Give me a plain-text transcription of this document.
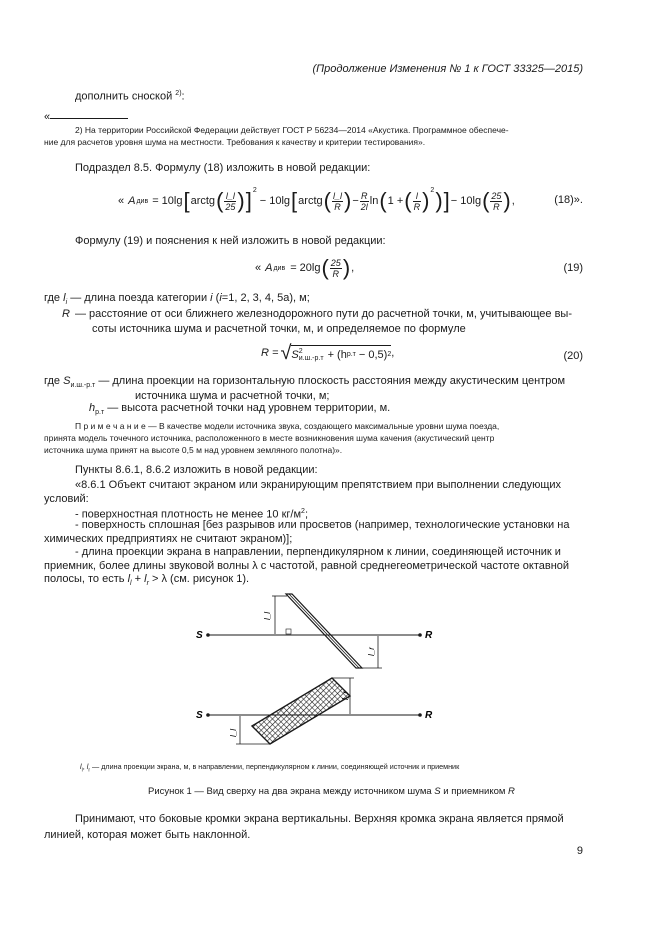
(Продолжение Изменения № 1 к ГОСТ 33325—2015)
дополнить сноской $^{2)}$:
«
2) На территории Российской Федерации действует ГОСТ Р 56234—2014 «Акустика. Программное обеспече-
ние для расчетов уровня шума на местности. Требования к качеству и критерии тестирования».
Подраздел 8.5. Формулу (18) изложить в новой редакции:
« A див = 10lg [ arctg ( $\frac{l\_l}{25}$ ) ]$^2$
− 10lg [ arctg ( $\frac{l\_l}{R}$ ) − $\frac{R}{2l}$ ln ( 1 + ( $\frac{l}{R} )^2$ ) ] − 10lg ( $\frac{25}{R}$ ) ,	(18)».
Формулу (19) и пояснения к ней изложить в новой редакции:
« A див = 20lg ( $\frac{25}{R}$ ) ,	(19)
где $l_i$ — длина поезда категории i (i=1, 2, 3, 4, 5а), м;
R — расстояние от оси ближнего железнодорожного пути до расчетной точки, м, учитывающее вы-
соты источника шума и расчетной точки, м, и определяемое по формуле
R = √ S 2
и.ш.-р.т + (h р.т − 0,5) 2 ,	(20)
где $S_{и.ш.-р.т}$ — длина проекции на горизонтальную плоскость расстояния между акустическим центром
источника шума и расчетной точки, м;
$h_{р.т}$ — высота расчетной точки над уровнем территории, м.
П р и м е ч а н и е — В качестве модели источника звука, создающего максимальные уровни шума поезда,
принята модель точечного источника, расположенного в месте возникновения шума качения (акустический центр
источника шума принят на высоте 0,5 м над уровнем земляного полотна)».
Пункты 8.6.1, 8.6.2 изложить в новой редакции:
«8.6.1 Объект считают экраном или экранирующим препятствием при выполнении следующих
условий:
- поверхностная плотность не менее 10 $кг/м^2$;
- поверхность сплошная [без разрывов или просветов (например, технологические установки на
химических предприятиях не считают экраном)];
- длина проекции экрана в направлении, перпендикулярном к линии, соединяющей источник и
приемник, более длины звуковой волны λ с частотой, равной среднегеометрической частоте октавной
полосы, то есть $l_l + l_r > \lambda$ (см. рисунок 1).
S	R
l_l
l_r
S	R
l_l
l_r
$l_l$, $l_r$ — длина проекции экрана, м, в направлении, перпендикулярном к линии, соединяющей источник и приемник
Рисунок 1 — Вид сверху на два экрана между источником шума S и приемником R
Принимают, что боковые кромки экрана вертикальны. Верхняя кромка экрана является прямой
линией, которая может быть наклонной.
9
